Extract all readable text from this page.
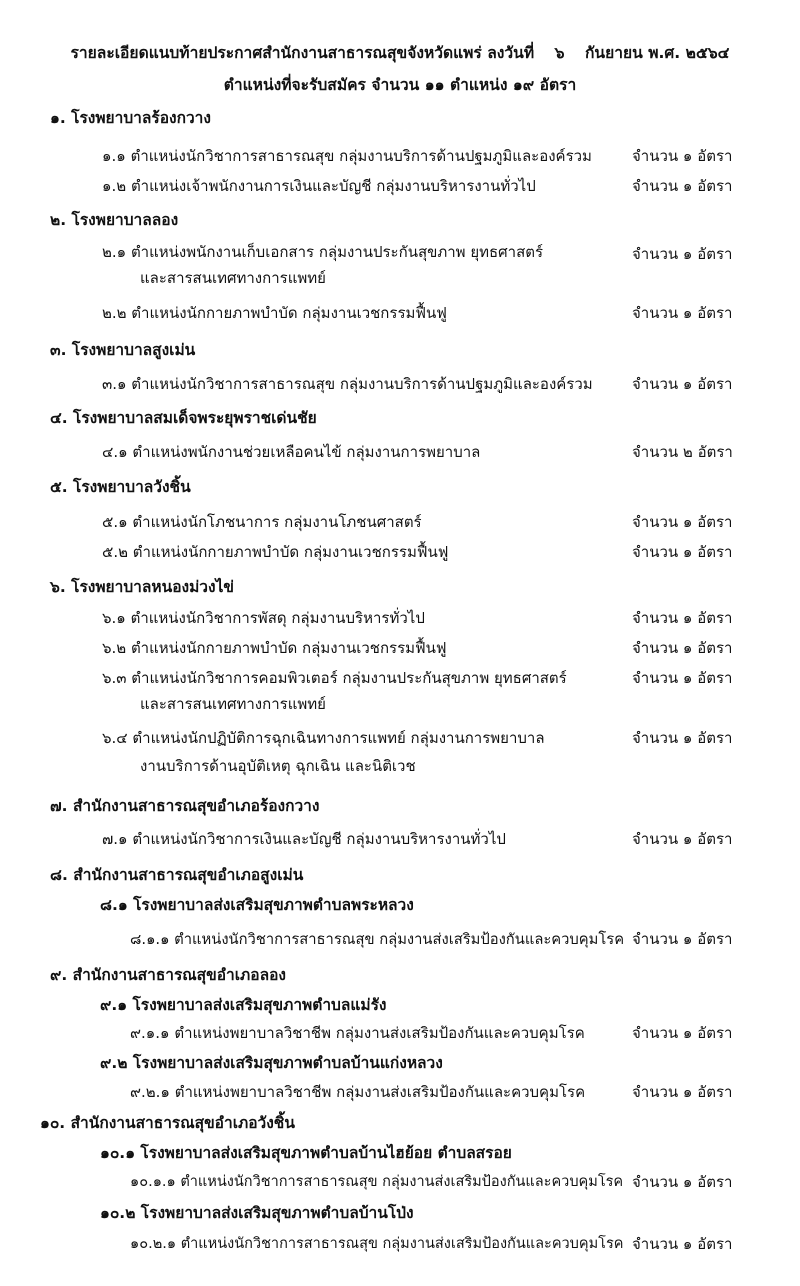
รายละเอียดแนบท้ายประกาศสำนักงานสาธารณสุขจังหวัดแพร่ ลงวันที่ ๖ กันยายน พ.ศ. ๒๕๖๔
ตำแหน่งที่จะรับสมัคร จำนวน ๑๑ ตำแหน่ง ๑๙ อัตรา
๑. โรงพยาบาลร้องกวาง
๑.๑ ตำแหน่งนักวิชาการสาธารณสุข กลุ่มงานบริการด้านปฐมภูมิและองค์รวม	จำนวน ๑ อัตรา
๑.๒ ตำแหน่งเจ้าพนักงานการเงินและบัญชี กลุ่มงานบริหารงานทั่วไป	จำนวน ๑ อัตรา
๒. โรงพยาบาลลอง
๒.๑ ตำแหน่งพนักงานเก็บเอกสาร กลุ่มงานประกันสุขภาพ ยุทธศาสตร์	จำนวน ๑ อัตรา
และสารสนเทศทางการแพทย์
๒.๒ ตำแหน่งนักกายภาพบำบัด กลุ่มงานเวชกรรมฟื้นฟู	จำนวน ๑ อัตรา
๓. โรงพยาบาลสูงเม่น
๓.๑ ตำแหน่งนักวิชาการสาธารณสุข กลุ่มงานบริการด้านปฐมภูมิและองค์รวม	จำนวน ๑ อัตรา
๔. โรงพยาบาลสมเด็จพระยุพราชเด่นชัย
๔.๑ ตำแหน่งพนักงานช่วยเหลือคนไข้ กลุ่มงานการพยาบาล	จำนวน ๒ อัตรา
๕. โรงพยาบาลวังชิ้น
๕.๑ ตำแหน่งนักโภชนาการ กลุ่มงานโภชนศาสตร์	จำนวน ๑ อัตรา
๕.๒ ตำแหน่งนักกายภาพบำบัด กลุ่มงานเวชกรรมฟื้นฟู	จำนวน ๑ อัตรา
๖. โรงพยาบาลหนองม่วงไข่
๖.๑ ตำแหน่งนักวิชาการพัสดุ กลุ่มงานบริหารทั่วไป	จำนวน ๑ อัตรา
๖.๒ ตำแหน่งนักกายภาพบำบัด กลุ่มงานเวชกรรมฟื้นฟู	จำนวน ๑ อัตรา
๖.๓ ตำแหน่งนักวิชาการคอมพิวเตอร์ กลุ่มงานประกันสุขภาพ ยุทธศาสตร์	จำนวน ๑ อัตรา
และสารสนเทศทางการแพทย์
๖.๔ ตำแหน่งนักปฏิบัติการฉุกเฉินทางการแพทย์ กลุ่มงานการพยาบาล	จำนวน ๑ อัตรา
งานบริการด้านอุบัติเหตุ ฉุกเฉิน และนิติเวช
๗. สำนักงานสาธารณสุขอำเภอร้องกวาง
๗.๑ ตำแหน่งนักวิชาการเงินและบัญชี กลุ่มงานบริหารงานทั่วไป	จำนวน ๑ อัตรา
๘. สำนักงานสาธารณสุขอำเภอสูงเม่น
๘.๑ โรงพยาบาลส่งเสริมสุขภาพตำบลพระหลวง
๘.๑.๑ ตำแหน่งนักวิชาการสาธารณสุข กลุ่มงานส่งเสริมป้องกันและควบคุมโรค จำนวน ๑ อัตรา
๙. สำนักงานสาธารณสุขอำเภอลอง
๙.๑ โรงพยาบาลส่งเสริมสุขภาพตำบลแม่รัง
๙.๑.๑ ตำแหน่งพยาบาลวิชาชีพ กลุ่มงานส่งเสริมป้องกันและควบคุมโรค	จำนวน ๑ อัตรา
๙.๒ โรงพยาบาลส่งเสริมสุขภาพตำบลบ้านแก่งหลวง
๙.๒.๑ ตำแหน่งพยาบาลวิชาชีพ กลุ่มงานส่งเสริมป้องกันและควบคุมโรค	จำนวน ๑ อัตรา
๑๐. สำนักงานสาธารณสุขอำเภอวังชิ้น
๑๐.๑ โรงพยาบาลส่งเสริมสุขภาพตำบลบ้านไฮย้อย ตำบลสรอย
๑๐.๑.๑ ตำแหน่งนักวิชาการสาธารณสุข กลุ่มงานส่งเสริมป้องกันและควบคุมโรค จำนวน ๑ อัตรา
๑๐.๒ โรงพยาบาลส่งเสริมสุขภาพตำบลบ้านโป่ง
๑๐.๒.๑ ตำแหน่งนักวิชาการสาธารณสุข กลุ่มงานส่งเสริมป้องกันและควบคุมโรค จำนวน ๑ อัตรา
